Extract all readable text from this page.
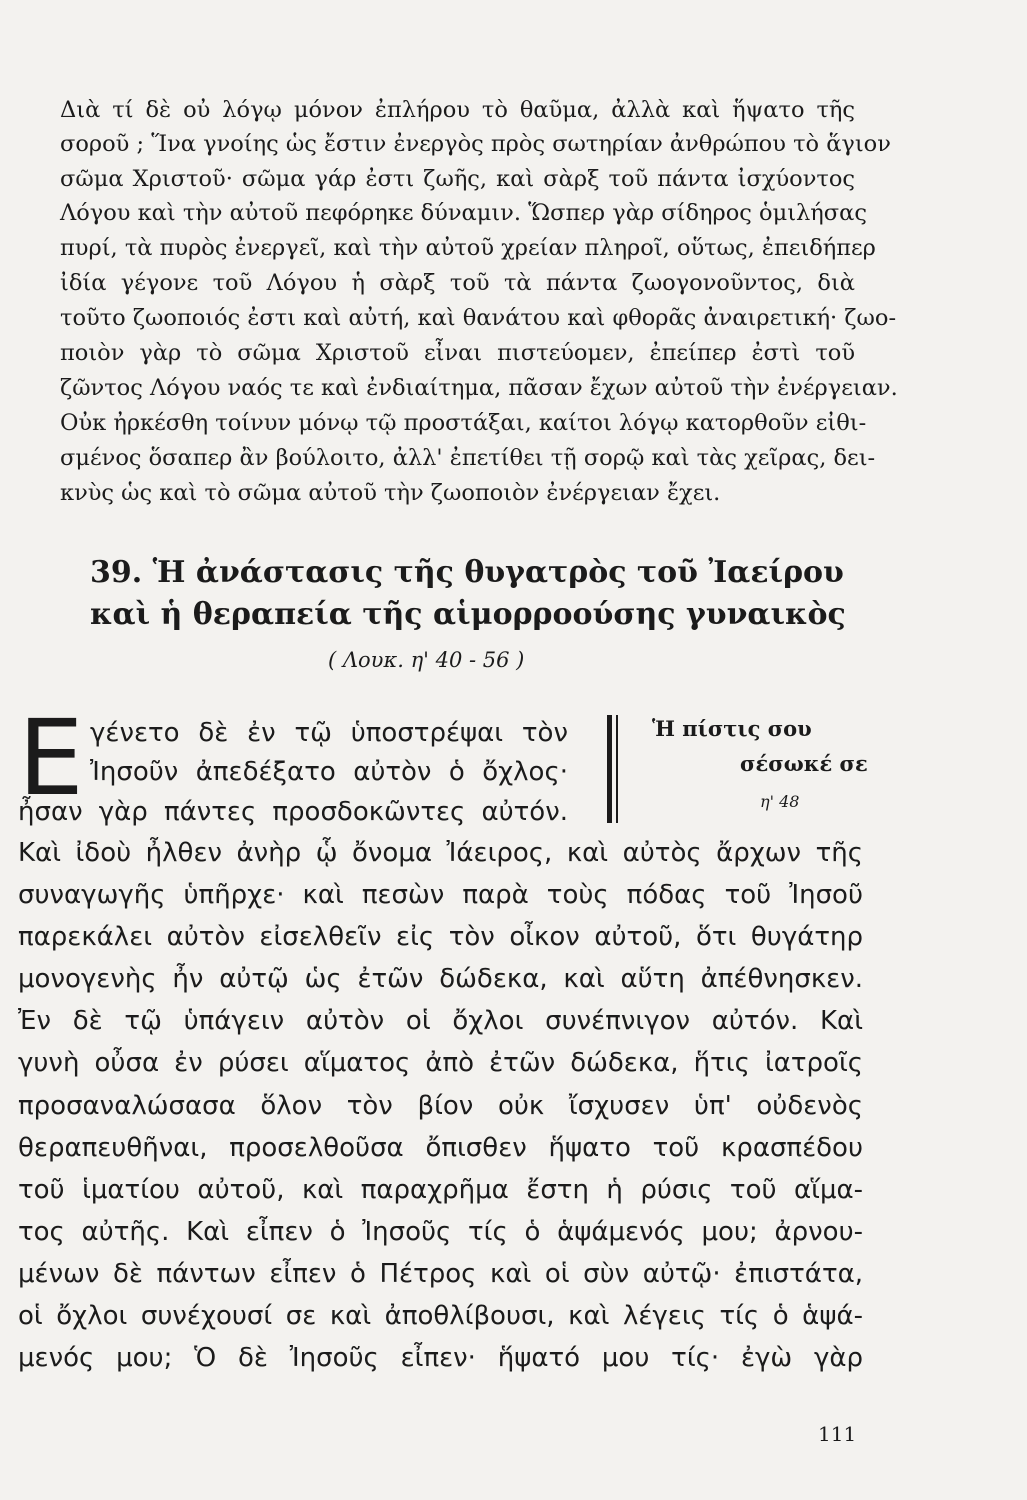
Διὰ τί δὲ οὐ λόγῳ μόνον ἐπλήρου τὸ θαῦμα, ἀλλὰ καὶ ἥψατο τῆς
σοροῦ ; Ἵνα γνοίης ὡς ἔστιν ἐνεργὸς πρὸς σωτηρίαν ἀνθρώπου τὸ ἅγιον
σῶμα Χριστοῦ· σῶμα γάρ ἐστι ζωῆς, καὶ σὰρξ τοῦ πάντα ἰσχύοντος
Λόγου καὶ τὴν αὐτοῦ πεφόρηκε δύναμιν. Ὥσπερ γὰρ σίδηρος ὁμιλήσας
πυρί, τὰ πυρὸς ἐνεργεῖ, καὶ τὴν αὐτοῦ χρείαν πληροῖ, οὕτως, ἐπειδήπερ
ἰδία γέγονε τοῦ Λόγου ἡ σὰρξ τοῦ τὰ πάντα ζωογονοῦντος, διὰ
τοῦτο ζωοποιός ἐστι καὶ αὐτή, καὶ θανάτου καὶ φθορᾶς ἀναιρετική· ζωο-
ποιὸν γὰρ τὸ σῶμα Χριστοῦ εἶναι πιστεύομεν, ἐπείπερ ἐστὶ τοῦ
ζῶντος Λόγου ναός τε καὶ ἐνδιαίτημα, πᾶσαν ἔχων αὐτοῦ τὴν ἐνέργειαν.
Οὐκ ἠρκέσθη τοίνυν μόνῳ τῷ προστάξαι, καίτοι λόγῳ κατορθοῦν εἰθι-
σμένος ὅσαπερ ἂν βούλοιτο, ἀλλ' ἐπετίθει τῇ σορῷ καὶ τὰς χεῖρας, δει-
κνὺς ὡς καὶ τὸ σῶμα αὐτοῦ τὴν ζωοποιὸν ἐνέργειαν ἔχει.
39. Ἡ ἀνάστασις τῆς θυγατρὸς τοῦ Ἰαείρου
καὶ ἡ θεραπεία τῆς αἱμορροούσης γυναικὸς
( Λουκ. η' 40 - 56 )
Ε γένετο δὲ ἐν τῷ ὑποστρέψαι τὸν
Ἰησοῦν ἀπεδέξατο αὐτὸν ὁ ὄχλος·
ἦσαν γὰρ πάντες προσδοκῶντες αὐτόν.
Καὶ ἰδοὺ ἦλθεν ἀνὴρ ᾧ ὄνομα Ἰάειρος, καὶ αὐτὸς ἄρχων τῆς
συναγωγῆς ὑπῆρχε· καὶ πεσὼν παρὰ τοὺς πόδας τοῦ Ἰησοῦ
παρεκάλει αὐτὸν εἰσελθεῖν εἰς τὸν οἶκον αὐτοῦ, ὅτι θυγάτηρ
μονογενὴς ἦν αὐτῷ ὡς ἐτῶν δώδεκα, καὶ αὕτη ἀπέθνησκεν.
Ἐν δὲ τῷ ὑπάγειν αὐτὸν οἱ ὄχλοι συνέπνιγον αὐτόν. Καὶ
γυνὴ οὖσα ἐν ρύσει αἵματος ἀπὸ ἐτῶν δώδεκα, ἥτις ἰατροῖς
προσαναλώσασα ὅλον τὸν βίον οὐκ ἴσχυσεν ὑπ' οὐδενὸς
θεραπευθῆναι, προσελθοῦσα ὄπισθεν ἥψατο τοῦ κρασπέδου
τοῦ ἱματίου αὐτοῦ, καὶ παραχρῆμα ἔστη ἡ ρύσις τοῦ αἵμα-
τος αὐτῆς. Καὶ εἶπεν ὁ Ἰησοῦς τίς ὁ ἁψάμενός μου; ἀρνου-
μένων δὲ πάντων εἶπεν ὁ Πέτρος καὶ οἱ σὺν αὐτῷ· ἐπιστάτα,
οἱ ὄχλοι συνέχουσί σε καὶ ἀποθλίβουσι, καὶ λέγεις τίς ὁ ἁψά-
μενός μου; Ὁ δὲ Ἰησοῦς εἶπεν· ἥψατό μου τίς· ἐγὼ γὰρ
Ἡ πίστις σου
σέσωκέ σε
η' 48
111
